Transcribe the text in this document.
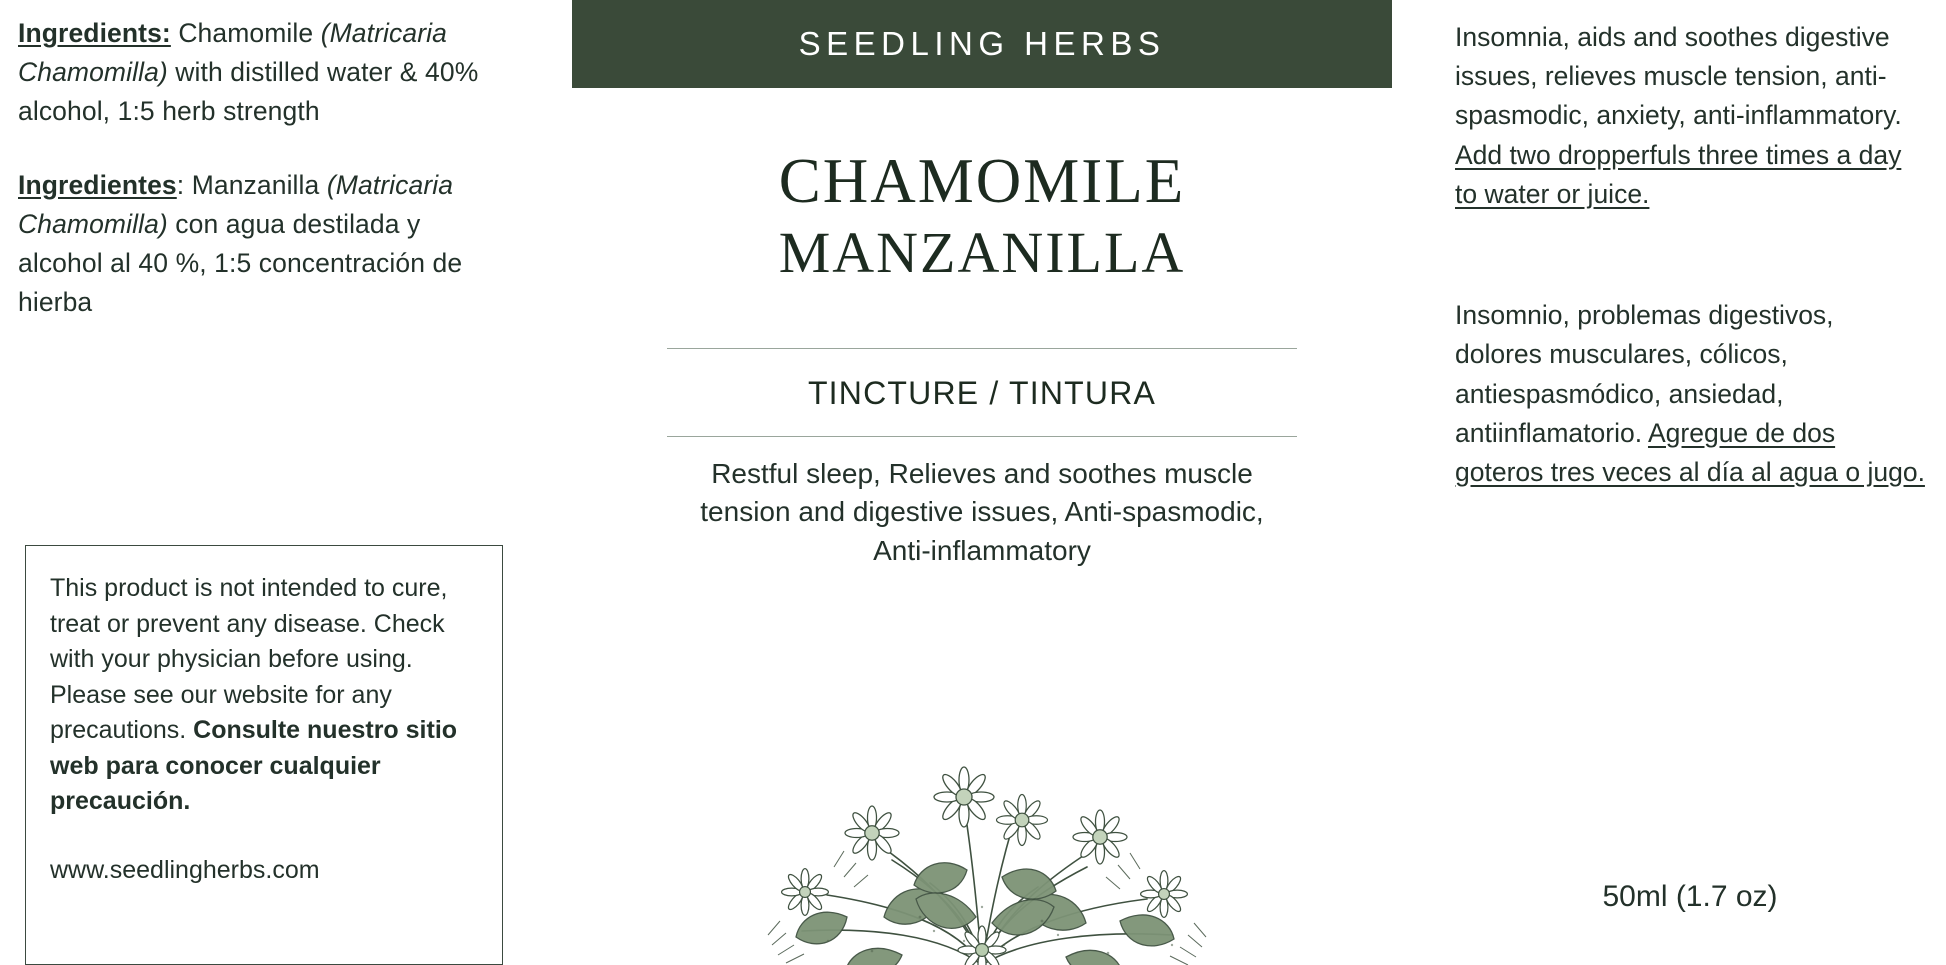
Ingredients: Chamomile (Matricaria Chamomilla) with distilled water & 40% alcohol, 1:5 herb strength
Ingredientes: Manzanilla (Matricaria Chamomilla) con agua destilada y alcohol al 40 %, 1:5 concentración de hierba
This product is not intended to cure, treat or prevent any disease. Check with your physician before using. Please see our website for any precautions. Consulte nuestro sitio web para conocer cualquier precaución.
www.seedlingherbs.com
SEEDLING HERBS
CHAMOMILE
MANZANILLA
TINCTURE / TINTURA
Restful sleep, Relieves and soothes muscle tension and digestive issues, Anti-spasmodic, Anti-inflammatory
Insomnia, aids and soothes digestive issues, relieves muscle tension, anti-spasmodic, anxiety, anti-inflammatory. Add two dropperfuls three times a day to water or juice.
Insomnio, problemas digestivos, dolores musculares, cólicos, antiespasmódico, ansiedad, antiinflamatorio. Agregue de dos goteros tres veces al día al agua o jugo.
50ml (1.7 oz)
